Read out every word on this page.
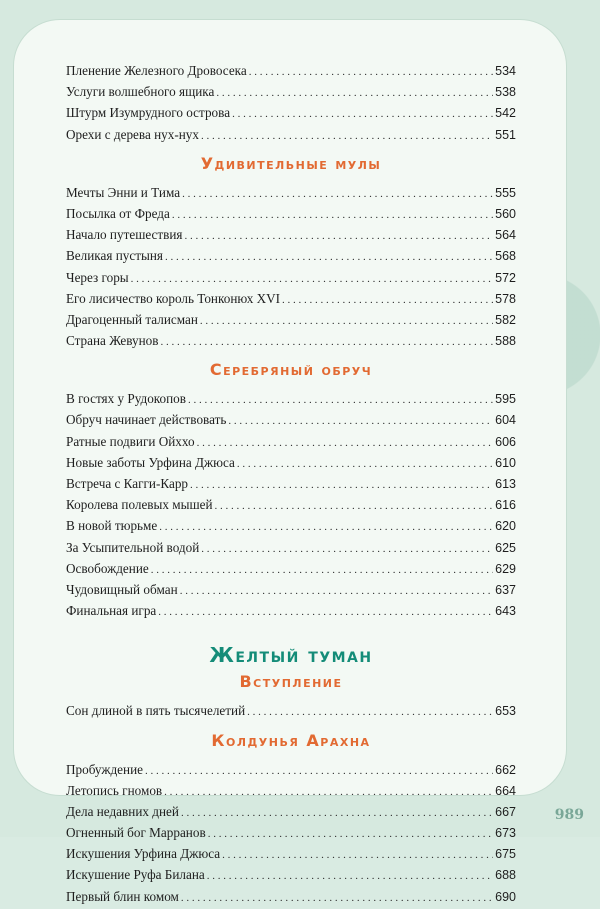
Пленение Железного Дровосека . . .	534
Услуги волшебного ящика . . .	538
Штурм Изумрудного острова . . .	542
Орехи с дерева нух-нух . . .	551
Удивительные мулы
Мечты Энни и Тима . . .	555
Посылка от Фреда . . .	560
Начало путешествия . . .	564
Великая пустыня . . .	568
Через горы . . .	572
Его лисичество король Тонконюх XVI . . .	578
Драгоценный талисман . . .	582
Страна Жевунов . . .	588
Серебряный обруч
В гостях у Рудокопов . . .	595
Обруч начинает действовать . . .	604
Ратные подвиги Ойххо . . .	606
Новые заботы Урфина Джюса . . .	610
Встреча с Кагги-Карр . . .	613
Королева полевых мышей . . .	616
В новой тюрьме . . .	620
За Усыпительной водой . . .	625
Освобождение . . .	629
Чудовищный обман . . .	637
Финальная игра . . .	643
Желтый туман
Вступление
Сон длиной в пять тысячелетий . . .	653
Колдунья Арахна
Пробуждение . . .	662
Летопись гномов . . .	664
Дела недавних дней . . .	667
Огненный бог Марранов . . .	673
Искушения Урфина Джюса . . .	675
Искушение Руфа Билана . . .	688
Первый блин комом . . .	690
989
